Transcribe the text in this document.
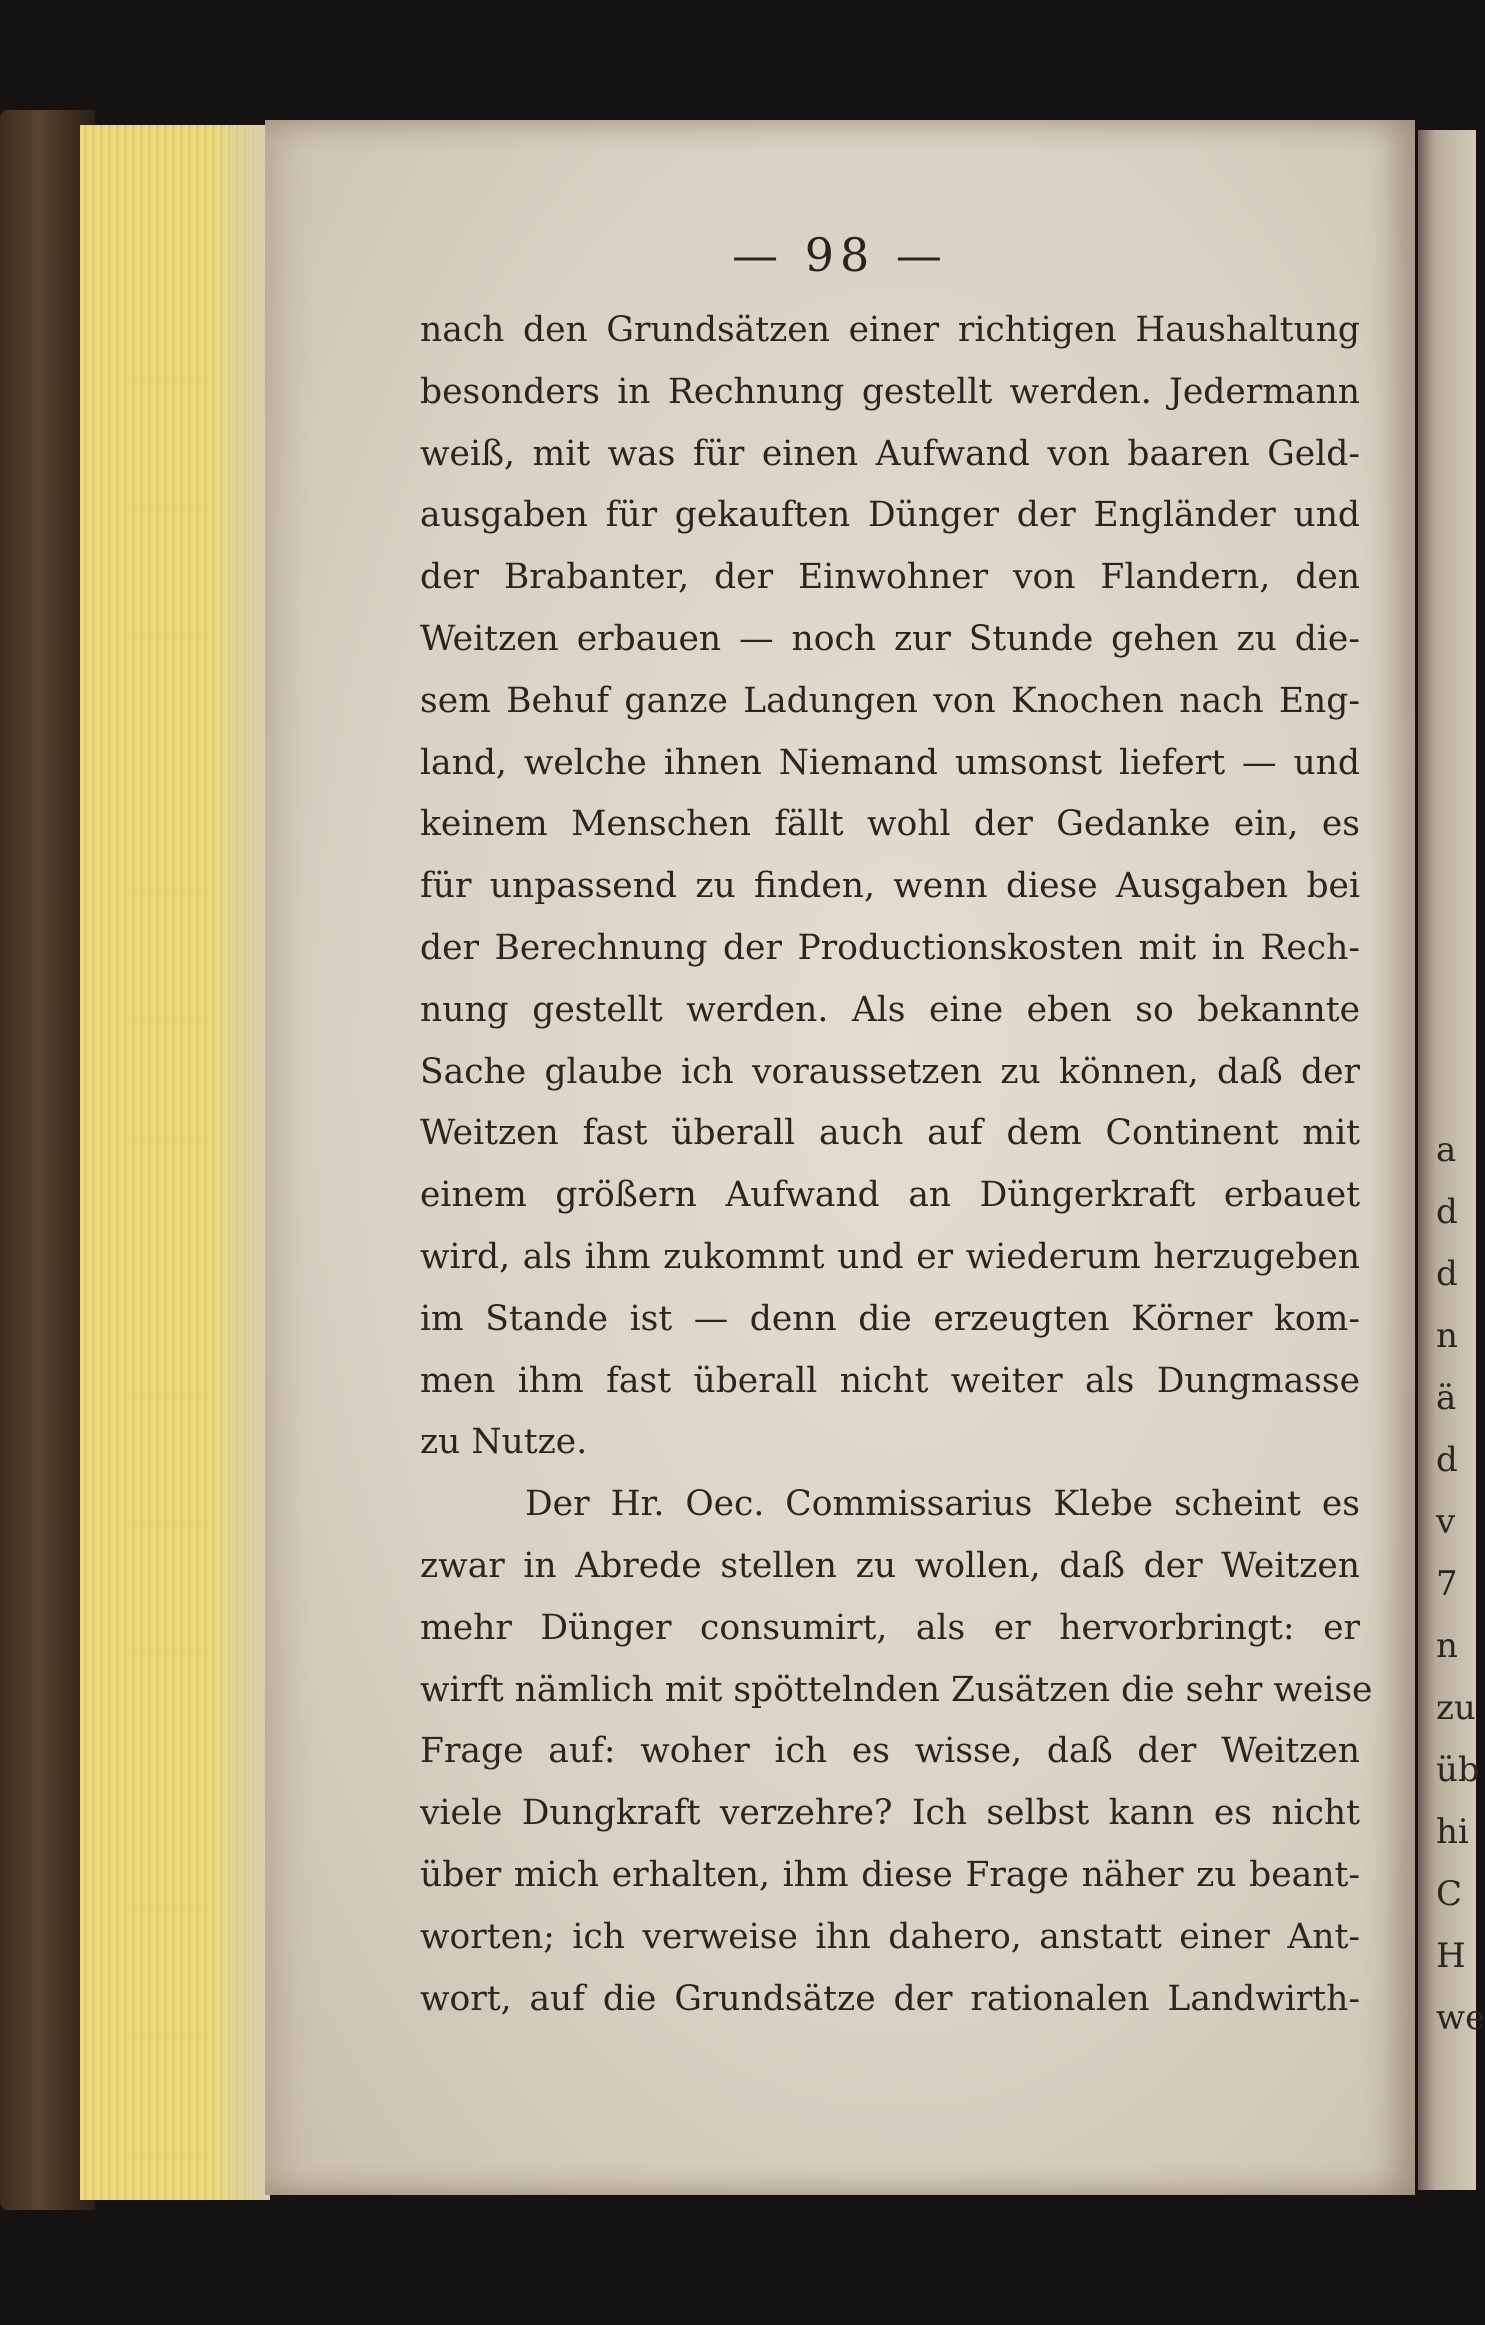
— 98 —
nach den Grundsätzen einer richtigen Haushaltung
besonders in Rechnung gestellt werden. Jedermann
weiß, mit was für einen Aufwand von baaren Geld-
ausgaben für gekauften Dünger der Engländer und
der Brabanter, der Einwohner von Flandern, den
Weitzen erbauen — noch zur Stunde gehen zu die-
sem Behuf ganze Ladungen von Knochen nach Eng-
land, welche ihnen Niemand umsonst liefert — und
keinem Menschen fällt wohl der Gedanke ein, es
für unpassend zu finden, wenn diese Ausgaben bei
der Berechnung der Productionskosten mit in Rech-
nung gestellt werden. Als eine eben so bekannte
Sache glaube ich voraussetzen zu können, daß der
Weitzen fast überall auch auf dem Continent mit
einem größern Aufwand an Düngerkraft erbauet
wird, als ihm zukommt und er wiederum herzugeben
im Stande ist — denn die erzeugten Körner kom-
men ihm fast überall nicht weiter als Dungmasse
zu Nutze.
Der Hr. Oec. Commissarius Klebe scheint es
zwar in Abrede stellen zu wollen, daß der Weitzen
mehr Dünger consumirt, als er hervorbringt: er
wirft nämlich mit spöttelnden Zusätzen die sehr weise
Frage auf: woher ich es wisse, daß der Weitzen
viele Dungkraft verzehre? Ich selbst kann es nicht
über mich erhalten, ihm diese Frage näher zu beant-
worten; ich verweise ihn dahero, anstatt einer Ant-
wort, auf die Grundsätze der rationalen Landwirth-
a
d
d
n
ä
d
v
7
n
zu
üb
hi
C
H
we
